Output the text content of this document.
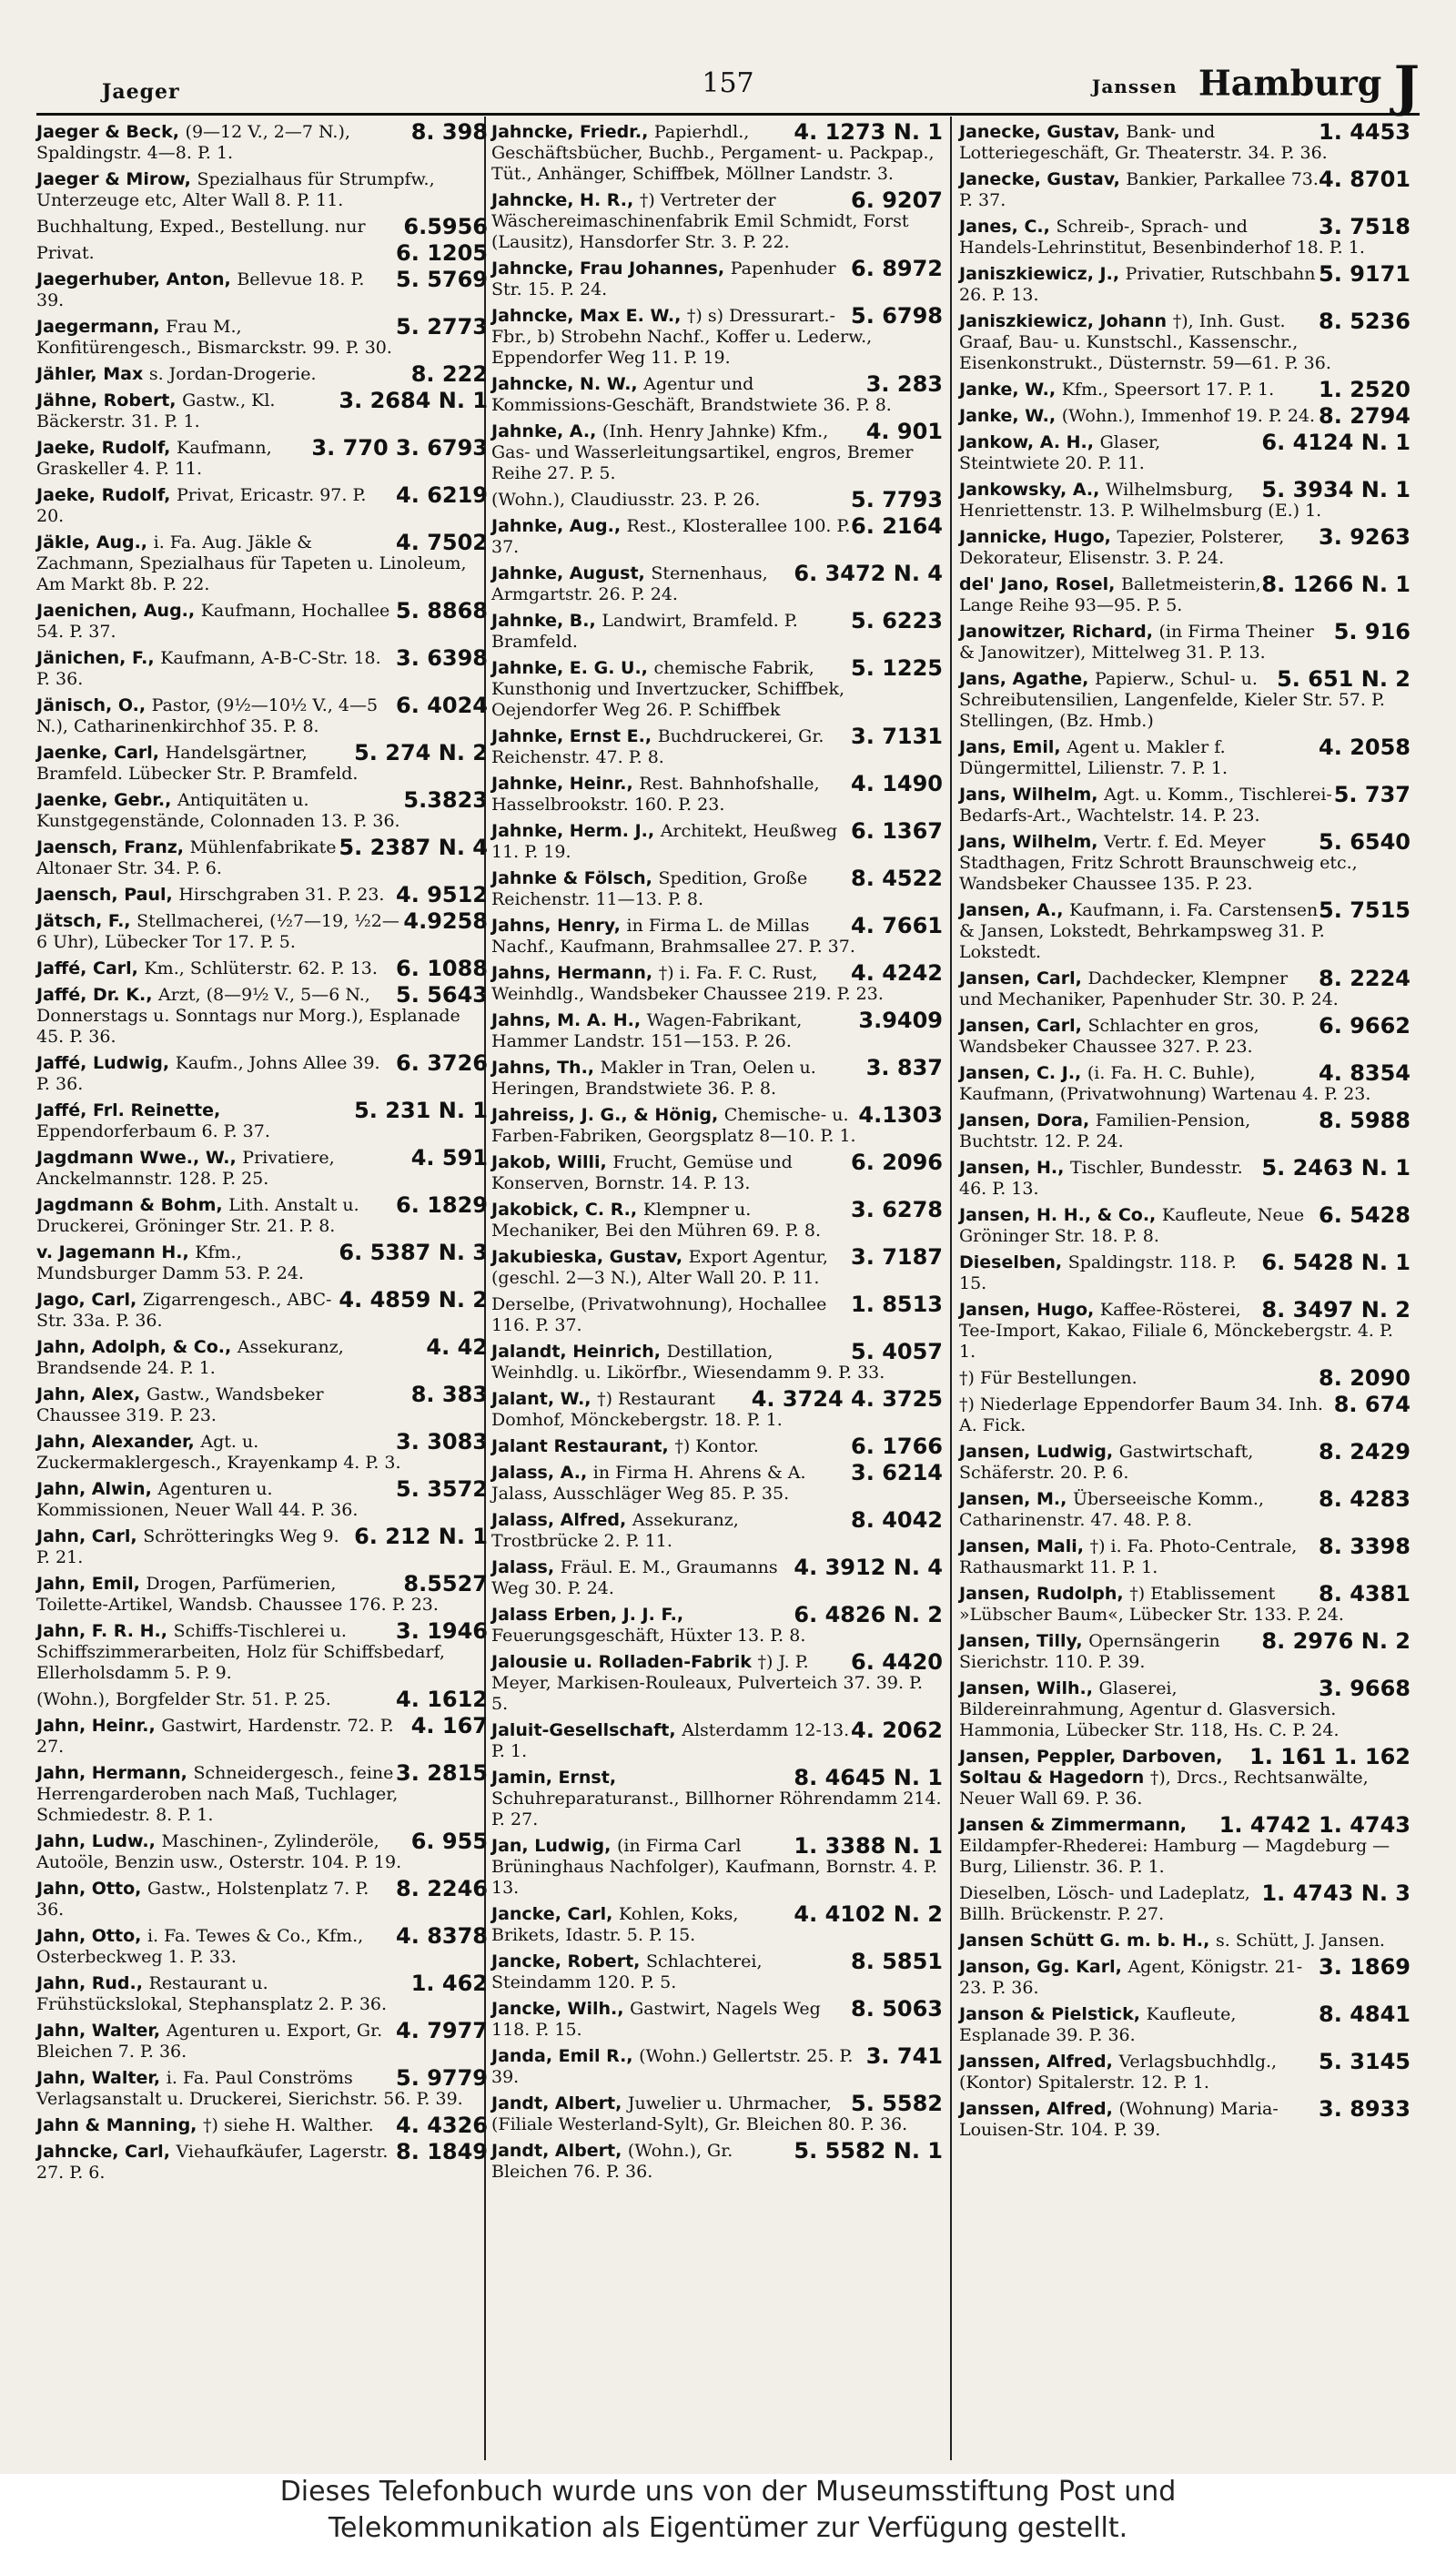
Jaeger	157	Janssen Hamburg J
8. 398
Jaeger & Beck, (9—12 V., 2—7 N.), Spaldingstr. 4—8. P. 1.
Jaeger & Mirow, Spezialhaus für Strumpfw., Unterzeuge etc, Alter Wall 8. P. 11.
6.5956
Buchhaltung, Exped., Bestellung. nur
6. 1205
Privat.
5. 5769
Jaegerhuber, Anton, Bellevue 18. P. 39.
5. 2773
Jaegermann, Frau M., Konfitürengesch., Bismarckstr. 99. P. 30.
8. 222
Jähler, Max s. Jordan-Drogerie.
3. 2684 N. 1
Jähne, Robert, Gastw., Kl. Bäckerstr. 31. P. 1.
3. 770 3. 6793
Jaeke, Rudolf, Kaufmann, Graskeller 4. P. 11.
4. 6219
Jaeke, Rudolf, Privat, Ericastr. 97. P. 20.
4. 7502
Jäkle, Aug., i. Fa. Aug. Jäkle & Zachmann, Spezialhaus für Tapeten u. Linoleum, Am Markt 8b. P. 22.
5. 8868
Jaenichen, Aug., Kaufmann, Hochallee 54. P. 37.
3. 6398
Jänichen, F., Kaufmann, A-B-C-Str. 18. P. 36.
6. 4024
Jänisch, O., Pastor, (9½—10½ V., 4—5 N.), Catharinenkirchhof 35. P. 8.
5. 274 N. 2
Jaenke, Carl, Handelsgärtner, Bramfeld. Lübecker Str. P. Bramfeld.
5.3823
Jaenke, Gebr., Antiquitäten u. Kunstgegenstände, Colonnaden 13. P. 36.
5. 2387 N. 4
Jaensch, Franz, Mühlenfabrikate Altonaer Str. 34. P. 6.
4. 9512
Jaensch, Paul, Hirschgraben 31. P. 23.
4.9258
Jätsch, F., Stellmacherei, (½7—19, ½2—6 Uhr), Lübecker Tor 17. P. 5.
6. 1088
Jaffé, Carl, Km., Schlüterstr. 62. P. 13.
5. 5643
Jaffé, Dr. K., Arzt, (8—9½ V., 5—6 N., Donnerstags u. Sonntags nur Morg.), Esplanade 45. P. 36.
6. 3726
Jaffé, Ludwig, Kaufm., Johns Allee 39. P. 36.
5. 231 N. 1
Jaffé, Frl. Reinette, Eppendorferbaum 6. P. 37.
4. 591
Jagdmann Wwe., W., Privatiere, Anckelmannstr. 128. P. 25.
6. 1829
Jagdmann & Bohm, Lith. Anstalt u. Druckerei, Gröninger Str. 21. P. 8.
6. 5387 N. 3
v. Jagemann H., Kfm., Mundsburger Damm 53. P. 24.
4. 4859 N. 2
Jago, Carl, Zigarrengesch., ABC-Str. 33a. P. 36.
4. 42
Jahn, Adolph, & Co., Assekuranz, Brandsende 24. P. 1.
8. 383
Jahn, Alex, Gastw., Wandsbeker Chaussee 319. P. 23.
3. 3083
Jahn, Alexander, Agt. u. Zuckermaklergesch., Krayenkamp 4. P. 3.
5. 3572
Jahn, Alwin, Agenturen u. Kommissionen, Neuer Wall 44. P. 36.
6. 212 N. 1
Jahn, Carl, Schrötteringks Weg 9. P. 21.
8.5527
Jahn, Emil, Drogen, Parfümerien, Toilette-Artikel, Wandsb. Chaussee 176. P. 23.
3. 1946
Jahn, F. R. H., Schiffs-Tischlerei u. Schiffszimmerarbeiten, Holz für Schiffsbedarf, Ellerholsdamm 5. P. 9.
4. 1612
(Wohn.), Borgfelder Str. 51. P. 25.
4. 167
Jahn, Heinr., Gastwirt, Hardenstr. 72. P. 27.
3. 2815
Jahn, Hermann, Schneidergesch., feine Herrengarderoben nach Maß, Tuchlager, Schmiedestr. 8. P. 1.
6. 955
Jahn, Ludw., Maschinen-, Zylinderöle, Autoöle, Benzin usw., Osterstr. 104. P. 19.
8. 2246
Jahn, Otto, Gastw., Holstenplatz 7. P. 36.
4. 8378
Jahn, Otto, i. Fa. Tewes & Co., Kfm., Osterbeckweg 1. P. 33.
1. 462
Jahn, Rud., Restaurant u. Frühstückslokal, Stephansplatz 2. P. 36.
4. 7977
Jahn, Walter, Agenturen u. Export, Gr. Bleichen 7. P. 36.
5. 9779
Jahn, Walter, i. Fa. Paul Conströms Verlagsanstalt u. Druckerei, Sierichstr. 56. P. 39.
4. 4326
Jahn & Manning, †) siehe H. Walther.
8. 1849
Jahncke, Carl, Viehaufkäufer, Lagerstr. 27. P. 6.
4. 1273 N. 1
Jahncke, Friedr., Papierhdl., Geschäftsbücher, Buchb., Pergament- u. Packpap., Tüt., Anhänger, Schiffbek, Möllner Landstr. 3.
6. 9207
Jahncke, H. R., †) Vertreter der Wäschereimaschinenfabrik Emil Schmidt, Forst (Lausitz), Hansdorfer Str. 3. P. 22.
6. 8972
Jahncke, Frau Johannes, Papenhuder Str. 15. P. 24.
5. 6798
Jahncke, Max E. W., †) s) Dressurart.-Fbr., b) Strobehn Nachf., Koffer u. Lederw., Eppendorfer Weg 11. P. 19.
3. 283
Jahncke, N. W., Agentur und Kommissions-Geschäft, Brandstwiete 36. P. 8.
4. 901
Jahnke, A., (Inh. Henry Jahnke) Kfm., Gas- und Wasserleitungsartikel, engros, Bremer Reihe 27. P. 5.
5. 7793
(Wohn.), Claudiusstr. 23. P. 26.
6. 2164
Jahnke, Aug., Rest., Klosterallee 100. P. 37.
6. 3472 N. 4
Jahnke, August, Sternenhaus, Armgartstr. 26. P. 24.
5. 6223
Jahnke, B., Landwirt, Bramfeld. P. Bramfeld.
5. 1225
Jahnke, E. G. U., chemische Fabrik, Kunsthonig und Invertzucker, Schiffbek, Oejendorfer Weg 26. P. Schiffbek
3. 7131
Jahnke, Ernst E., Buchdruckerei, Gr. Reichenstr. 47. P. 8.
4. 1490
Jahnke, Heinr., Rest. Bahnhofshalle, Hasselbrookstr. 160. P. 23.
6. 1367
Jahnke, Herm. J., Architekt, Heußweg 11. P. 19.
8. 4522
Jahnke & Fölsch, Spedition, Große Reichenstr. 11—13. P. 8.
4. 7661
Jahns, Henry, in Firma L. de Millas Nachf., Kaufmann, Brahmsallee 27. P. 37.
4. 4242
Jahns, Hermann, †) i. Fa. F. C. Rust, Weinhdlg., Wandsbeker Chaussee 219. P. 23.
3.9409
Jahns, M. A. H., Wagen-Fabrikant, Hammer Landstr. 151—153. P. 26.
3. 837
Jahns, Th., Makler in Tran, Oelen u. Heringen, Brandstwiete 36. P. 8.
4.1303
Jahreiss, J. G., & Hönig, Chemische- u. Farben-Fabriken, Georgsplatz 8—10. P. 1.
6. 2096
Jakob, Willi, Frucht, Gemüse und Konserven, Bornstr. 14. P. 13.
3. 6278
Jakobick, C. R., Klempner u. Mechaniker, Bei den Mühren 69. P. 8.
3. 7187
Jakubieska, Gustav, Export Agentur, (geschl. 2—3 N.), Alter Wall 20. P. 11.
1. 8513
Derselbe, (Privatwohnung), Hochallee 116. P. 37.
5. 4057
Jalandt, Heinrich, Destillation, Weinhdlg. u. Likörfbr., Wiesendamm 9. P. 33.
4. 3724 4. 3725
Jalant, W., †) Restaurant Domhof, Mönckebergstr. 18. P. 1.
6. 1766
Jalant Restaurant, †) Kontor.
3. 6214
Jalass, A., in Firma H. Ahrens & A. Jalass, Ausschläger Weg 85. P. 35.
8. 4042
Jalass, Alfred, Assekuranz, Trostbrücke 2. P. 11.
4. 3912 N. 4
Jalass, Fräul. E. M., Graumanns Weg 30. P. 24.
6. 4826 N. 2
Jalass Erben, J. J. F., Feuerungsgeschäft, Hüxter 13. P. 8.
6. 4420
Jalousie u. Rolladen-Fabrik †) J. P. Meyer, Markisen-Rouleaux, Pulverteich 37. 39. P. 5.
4. 2062
Jaluit-Gesellschaft, Alsterdamm 12-13. P. 1.
8. 4645 N. 1
Jamin, Ernst, Schuhreparaturanst., Billhorner Röhrendamm 214. P. 27.
1. 3388 N. 1
Jan, Ludwig, (in Firma Carl Brüninghaus Nachfolger), Kaufmann, Bornstr. 4. P. 13.
4. 4102 N. 2
Jancke, Carl, Kohlen, Koks, Brikets, Idastr. 5. P. 15.
8. 5851
Jancke, Robert, Schlachterei, Steindamm 120. P. 5.
8. 5063
Jancke, Wilh., Gastwirt, Nagels Weg 118. P. 15.
3. 741
Janda, Emil R., (Wohn.) Gellertstr. 25. P. 39.
5. 5582
Jandt, Albert, Juwelier u. Uhrmacher, (Filiale Westerland-Sylt), Gr. Bleichen 80. P. 36.
5. 5582 N. 1
Jandt, Albert, (Wohn.), Gr. Bleichen 76. P. 36.
1. 4453
Janecke, Gustav, Bank- und Lotteriegeschäft, Gr. Theaterstr. 34. P. 36.
4. 8701
Janecke, Gustav, Bankier, Parkallee 73. P. 37.
3. 7518
Janes, C., Schreib-, Sprach- und Handels-Lehrinstitut, Besenbinderhof 18. P. 1.
5. 9171
Janiszkiewicz, J., Privatier, Rutschbahn 26. P. 13.
8. 5236
Janiszkiewicz, Johann †), Inh. Gust. Graaf, Bau- u. Kunstschl., Kassenschr., Eisenkonstrukt., Düsternstr. 59—61. P. 36.
1. 2520
Janke, W., Kfm., Speersort 17. P. 1.
8. 2794
Janke, W., (Wohn.), Immenhof 19. P. 24.
6. 4124 N. 1
Jankow, A. H., Glaser, Steintwiete 20. P. 11.
5. 3934 N. 1
Jankowsky, A., Wilhelmsburg, Henriettenstr. 13. P. Wilhelmsburg (E.) 1.
3. 9263
Jannicke, Hugo, Tapezier, Polsterer, Dekorateur, Elisenstr. 3. P. 24.
8. 1266 N. 1
del' Jano, Rosel, Balletmeisterin, Lange Reihe 93—95. P. 5.
5. 916
Janowitzer, Richard, (in Firma Theiner & Janowitzer), Mittelweg 31. P. 13.
5. 651 N. 2
Jans, Agathe, Papierw., Schul- u. Schreibutensilien, Langenfelde, Kieler Str. 57. P. Stellingen, (Bz. Hmb.)
4. 2058
Jans, Emil, Agent u. Makler f. Düngermittel, Lilienstr. 7. P. 1.
5. 737
Jans, Wilhelm, Agt. u. Komm., Tischlerei-Bedarfs-Art., Wachtelstr. 14. P. 23.
5. 6540
Jans, Wilhelm, Vertr. f. Ed. Meyer Stadthagen, Fritz Schrott Braunschweig etc., Wandsbeker Chaussee 135. P. 23.
5. 7515
Jansen, A., Kaufmann, i. Fa. Carstensen & Jansen, Lokstedt, Behrkampsweg 31. P. Lokstedt.
8. 2224
Jansen, Carl, Dachdecker, Klempner und Mechaniker, Papenhuder Str. 30. P. 24.
6. 9662
Jansen, Carl, Schlachter en gros, Wandsbeker Chaussee 327. P. 23.
4. 8354
Jansen, C. J., (i. Fa. H. C. Buhle), Kaufmann, (Privatwohnung) Wartenau 4. P. 23.
8. 5988
Jansen, Dora, Familien-Pension, Buchtstr. 12. P. 24.
5. 2463 N. 1
Jansen, H., Tischler, Bundesstr. 46. P. 13.
6. 5428
Jansen, H. H., & Co., Kaufleute, Neue Gröninger Str. 18. P. 8.
6. 5428 N. 1
Dieselben, Spaldingstr. 118. P. 15.
8. 3497 N. 2
Jansen, Hugo, Kaffee-Rösterei, Tee-Import, Kakao, Filiale 6, Mönckebergstr. 4. P. 1.
8. 2090
†) Für Bestellungen.
8. 674
†) Niederlage Eppendorfer Baum 34. Inh. A. Fick.
8. 2429
Jansen, Ludwig, Gastwirtschaft, Schäferstr. 20. P. 6.
8. 4283
Jansen, M., Überseeische Komm., Catharinenstr. 47. 48. P. 8.
8. 3398
Jansen, Mali, †) i. Fa. Photo-Centrale, Rathausmarkt 11. P. 1.
8. 4381
Jansen, Rudolph, †) Etablissement »Lübscher Baum«, Lübecker Str. 133. P. 24.
8. 2976 N. 2
Jansen, Tilly, Opernsängerin Sierichstr. 110. P. 39.
3. 9668
Jansen, Wilh., Glaserei, Bildereinrahmung, Agentur d. Glasversich. Hammonia, Lübecker Str. 118, Hs. C. P. 24.
1. 161 1. 162
Jansen, Peppler, Darboven, Soltau & Hagedorn †), Drcs., Rechtsanwälte, Neuer Wall 69. P. 36.
1. 4742 1. 4743
Jansen & Zimmermann, Eildampfer-Rhederei: Hamburg — Magdeburg — Burg, Lilienstr. 36. P. 1.
1. 4743 N. 3
Dieselben, Lösch- und Ladeplatz, Billh. Brückenstr. P. 27.
Jansen Schütt G. m. b. H., s. Schütt, J. Jansen.
3. 1869
Janson, Gg. Karl, Agent, Königstr. 21-23. P. 36.
8. 4841
Janson & Pielstick, Kaufleute, Esplanade 39. P. 36.
5. 3145
Janssen, Alfred, Verlagsbuchhdlg., (Kontor) Spitalerstr. 12. P. 1.
3. 8933
Janssen, Alfred, (Wohnung) Maria-Louisen-Str. 104. P. 39.
Dieses Telefonbuch wurde uns von der Museumsstiftung Post und
Telekommunikation als Eigentümer zur Verfügung gestellt.
